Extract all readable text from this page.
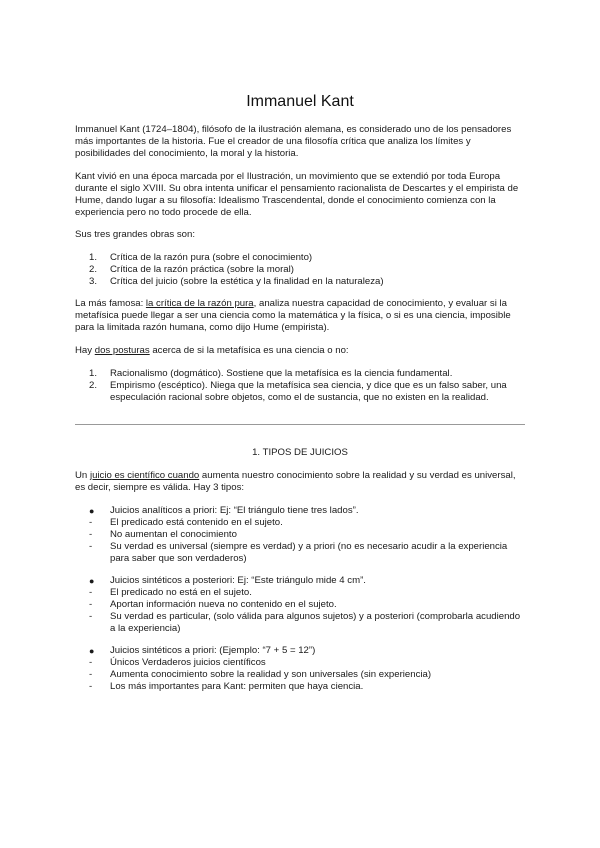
Immanuel Kant

Immanuel Kant (1724–1804), filósofo de la ilustración alemana, es considerado uno de los pensadores más importantes de la historia. Fue el creador de una filosofía crítica que analiza los límites y posibilidades del conocimiento, la moral y la historia.

Kant vivió en una época marcada por el Ilustración, un movimiento que se extendió por toda Europa durante el siglo XVIII. Su obra intenta unificar el pensamiento racionalista de Descartes y el empirista de Hume, dando lugar a su filosofía: Idealismo Trascendental, donde el conocimiento comienza con la experiencia pero no todo procede de ella.

Sus tres grandes obras son:

1. Crítica de la razón pura (sobre el conocimiento)
2. Crítica de la razón práctica (sobre la moral)
3. Crítica del juicio (sobre la estética y la finalidad en la naturaleza)

La más famosa: la crítica de la razón pura, analiza nuestra capacidad de conocimiento, y evaluar si la metafísica puede llegar a ser una ciencia como la matemática y la física, o si es una ciencia, imposible para la limitada razón humana, como dijo Hume (empirista).

Hay dos posturas acerca de si la metafísica es una ciencia o no:

1. Racionalismo (dogmático). Sostiene que la metafísica es la ciencia fundamental.
2. Empirismo (escéptico). Niega que la metafísica sea ciencia, y dice que es un falso saber, una especulación racional sobre objetos, como el de sustancia, que no existen en la realidad.
1. TIPOS DE JUICIOS

Un juicio es científico cuando aumenta nuestro conocimiento sobre la realidad y su verdad es universal, es decir, siempre es válida. Hay 3 tipos:

● Juicios analíticos a priori: Ej: “El triángulo tiene tres lados”.
- El predicado está contenido en el sujeto.
- No aumentan el conocimiento
- Su verdad es universal (siempre es verdad) y a priori (no es necesario acudir a la experiencia para saber que son verdaderos)
● Juicios sintéticos a posteriori: Ej: “Este triángulo mide 4 cm”.
- El predicado no está en el sujeto.
- Aportan información nueva no contenido en el sujeto.
- Su verdad es particular, (solo válida para algunos sujetos) y a posteriori (comprobarla acudiendo a la experiencia)
● Juicios sintéticos a priori: (Ejemplo: “7 + 5 = 12”)
- Únicos Verdaderos juicios científicos
- Aumenta conocimiento sobre la realidad y son universales (sin experiencia)
- Los más importantes para Kant: permiten que haya ciencia.
